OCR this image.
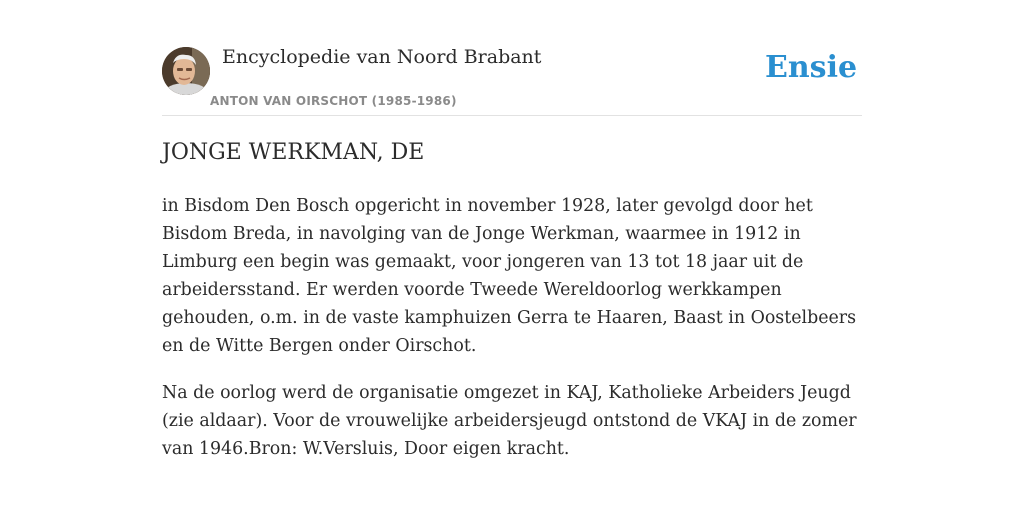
Encyclopedie van Noord Brabant
ANTON VAN OIRSCHOT (1985-1986)
Ensie
JONGE WERKMAN, DE

in Bisdom Den Bosch opgericht in november 1928, later gevolgd door het Bisdom Breda, in navolging van de Jonge Werkman, waarmee in 1912 in Limburg een begin was gemaakt, voor jongeren van 13 tot 18 jaar uit de arbeidersstand. Er werden voorde Tweede Wereldoorlog werkkampen gehouden, o.m. in de vaste kamphuizen Gerra te Haaren, Baast in Oostelbeers en de Witte Bergen onder Oirschot.

Na de oorlog werd de organisatie omgezet in KAJ, Katholieke Arbeiders Jeugd (zie aldaar). Voor de vrouwelijke arbeidersjeugd ontstond de VKAJ in de zomer van 1946.Bron: W.Versluis, Door eigen kracht.
